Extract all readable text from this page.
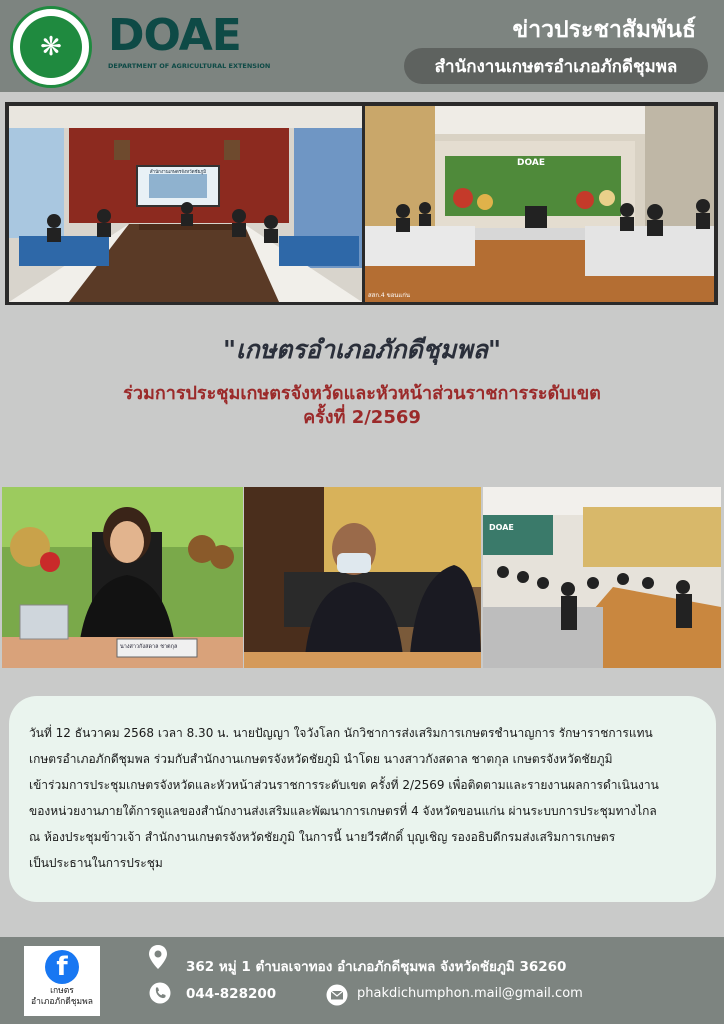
❋	DOAE
DEPARTMENT OF AGRICULTURAL EXTENSION
ข่าวประชาสัมพันธ์
สำนักงานเกษตรอำเภอภักดีชุมพล
สำนักงานเกษตรจังหวัดชัยภูมิ
DOAE
สสก.4 ขอนแก่น
"เกษตรอำเภอภักดีชุมพล"
ร่วมการประชุมเกษตรจังหวัดและหัวหน้าส่วนราชการระดับเขต
ครั้งที่ 2/2569
นางสาวกังสดาล ชาตกุล
DOAE
วันที่ 12 ธันวาคม 2568 เวลา 8.30 น. นายปัญญา ใจวังโลก นักวิชาการส่งเสริมการเกษตรชำนาญการ รักษาราชการแทน
เกษตรอำเภอภักดีชุมพล ร่วมกับสำนักงานเกษตรจังหวัดชัยภูมิ นำโดย นางสาวกังสดาล ชาตกุล เกษตรจังหวัดชัยภูมิ
เข้าร่วมการประชุมเกษตรจังหวัดและหัวหน้าส่วนราชการระดับเขต ครั้งที่ 2/2569 เพื่อติดตามและรายงานผลการดำเนินงาน
ของหน่วยงานภายใต้การดูแลของสำนักงานส่งเสริมและพัฒนาการเกษตรที่ 4 จังหวัดขอนแก่น ผ่านระบบการประชุมทางไกล
ณ ห้องประชุมข้าวเจ้า สำนักงานเกษตรจังหวัดชัยภูมิ ในการนี้ นายวีรศักดิ์ บุญเชิญ รองอธิบดีกรมส่งเสริมการเกษตร
เป็นประธานในการประชุม
f
เกษตร
อำเภอภักดีชุมพล
362 หมู่ 1 ตำบลเจาทอง อำเภอภักดีชุมพล จังหวัดชัยภูมิ 36260
044-828200	phakdichumphon.mail@gmail.com
